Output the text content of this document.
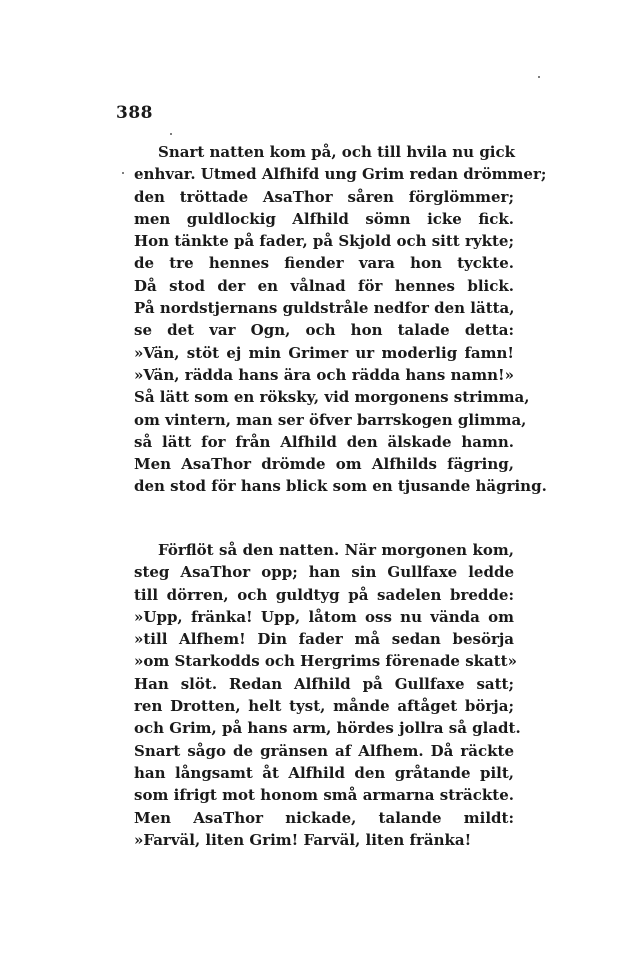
388
Snart natten kom på, och till hvila nu gick
enhvar. Utmed Alfhifd ung Grim redan drömmer;
den tröttade AsaThor såren förglömmer;
men guldlockig Alfhild sömn icke fick.
Hon tänkte på fader, på Skjold och sitt rykte;
de tre hennes fiender vara hon tyckte.
Då stod der en vålnad för hennes blick.
På nordstjernans guldstråle nedfor den lätta,
se det var Ogn, och hon talade detta:
»Vän, stöt ej min Grimer ur moderlig famn!
»Vän, rädda hans ära och rädda hans namn!»
Så lätt som en röksky, vid morgonens strimma,
om vintern, man ser öfver barrskogen glimma,
så lätt for från Alfhild den älskade hamn.
Men AsaThor drömde om Alfhilds fägring,
den stod för hans blick som en tjusande hägring.
Förflöt så den natten. När morgonen kom,
steg AsaThor opp; han sin Gullfaxe ledde
till dörren, och guldtyg på sadelen bredde:
»Upp, fränka! Upp, låtom oss nu vända om
»till Alfhem! Din fader må sedan besörja
»om Starkodds och Hergrims förenade skatt»
Han slöt. Redan Alfhild på Gullfaxe satt;
ren Drotten, helt tyst, månde aftåget börja;
och Grim, på hans arm, hördes jollra så gladt.
Snart sågo de gränsen af Alfhem. Då räckte
han långsamt åt Alfhild den gråtande pilt,
som ifrigt mot honom små armarna sträckte.
Men AsaThor nickade, talande mildt:
»Farväl, liten Grim! Farväl, liten fränka!
